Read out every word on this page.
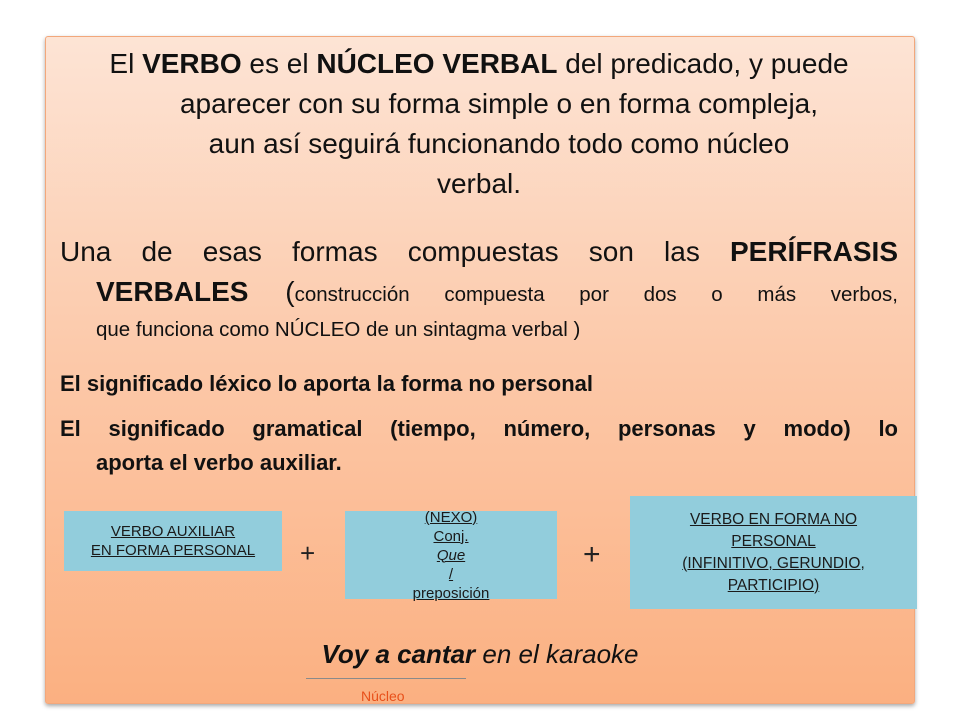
El VERBO es el NÚCLEO VERBAL del predicado, y puede
aparecer con su forma simple o en forma compleja,
aun así seguirá funcionando todo como núcleo
verbal.

Una de esas formas compuestas son las PERÍFRASIS
VERBALES (construcción compuesta por dos o más verbos,
que funciona como NÚCLEO de un sintagma verbal )

El significado léxico lo aporta la forma no personal

El significado gramatical (tiempo, número, personas y modo) lo
aporta el verbo auxiliar.

VERBO AUXILIAR
EN FORMA PERSONAL +
(NEXO)
Conj.
Que
/
preposición
+
VERBO EN FORMA NO
PERSONAL
(INFINITIVO, GERUNDIO,
PARTICIPIO)
Voy a cantar en el karaoke
Núcleo
